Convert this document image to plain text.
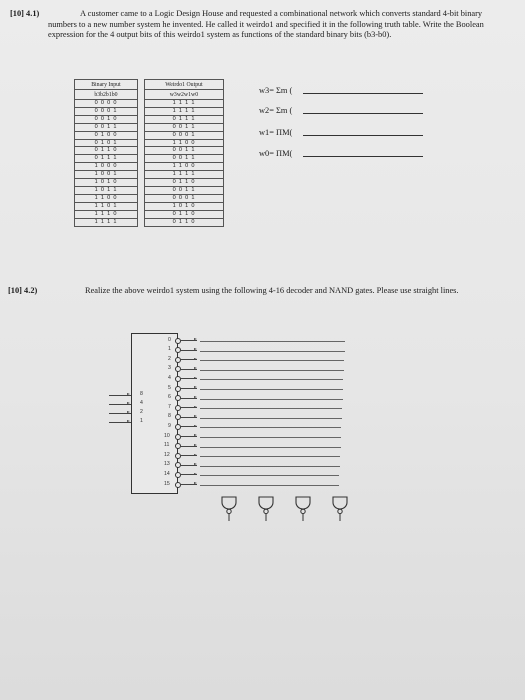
[10] 4.1)	A customer came to a Logic Design House and requested a combinational network which converts standard 4-bit binary numbers to a new number system he invented. He called it weirdo1 and specified it in the following truth table. Write the Boolean expression for the 4 output bits of this weirdo1 system as functions of the standard binary bits (b3-b0).
Binary Input		Weirdo1 Output
b3b2b1b0		w3w2w1w0
0 0 0 0		1 1 1 1
0 0 0 1		1 1 1 1
0 0 1 0		0 1 1 1
0 0 1 1		0 0 1 1
0 1 0 0		0 0 0 1
0 1 0 1		1 1 0 0
0 1 1 0		0 0 1 1
0 1 1 1		0 0 1 1
1 0 0 0		1 1 0 0
1 0 0 1		1 1 1 1
1 0 1 0		0 1 1 0
1 0 1 1		0 0 1 1
1 1 0 0		0 0 0 1
1 1 0 1		1 0 1 0
1 1 1 0		0 1 1 0
1 1 1 1		0 1 1 0
w3= Σm (
w2= Σm (
w1= ΠM(
w0= ΠM(
[10] 4.2)	Realize the above weirdo1 system using the following 4-16 decoder and NAND gates. Please use straight lines.
8
4
2
1
0
1
2
3
4
5
6
7
8
9
10
11
12
13
14
15
